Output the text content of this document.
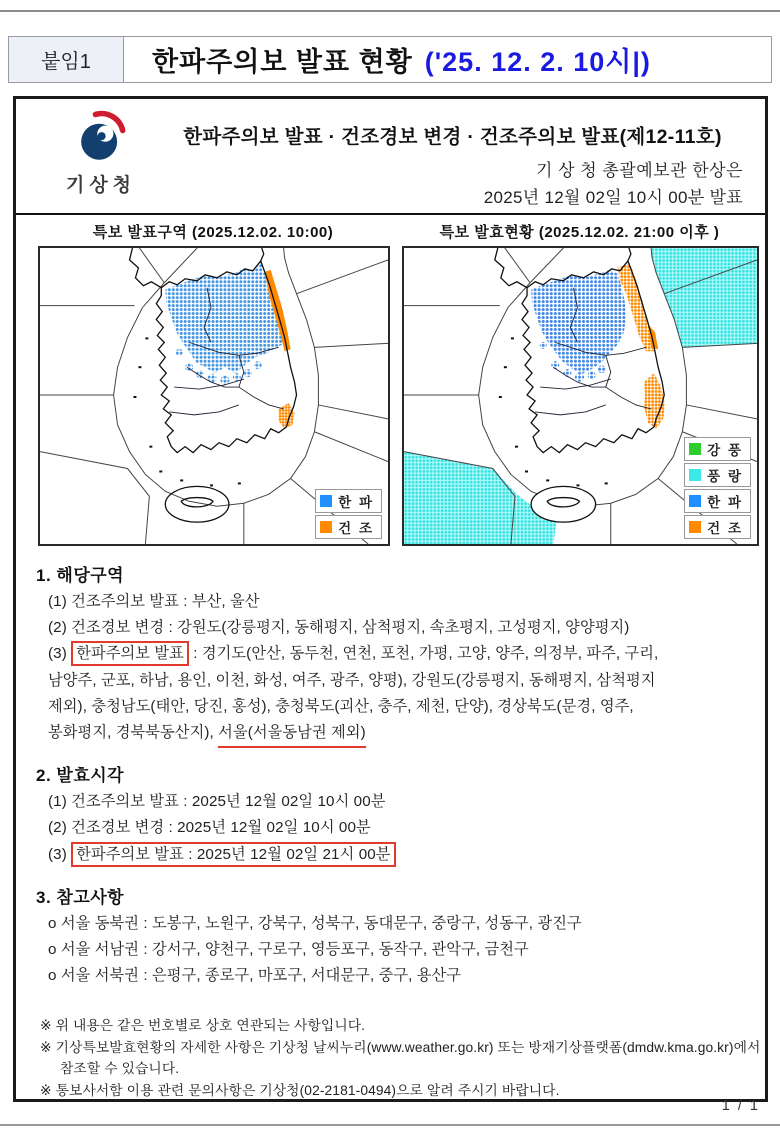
붙임1	한파주의보 발표 현황 ('25. 12. 2. 10시|)
기상청
한파주의보 발표 · 건조경보 변경 · 건조주의보 발표(제12-11호)
기 상 청 총괄예보관 한상은
2025년 12월 02일 10시 00분 발표
특보 발표구역 (2025.12.02. 10:00)
한 파
건 조
특보 발효현황 (2025.12.02. 21:00 이후 )
강 풍
풍 랑
한 파
건 조
1. 해당구역
(1) 건조주의보 발표 : 부산, 울산
(2) 건조경보 변경 : 강원도(강릉평지, 동해평지, 삼척평지, 속초평지, 고성평지, 양양평지)
(3) 한파주의보 발표 : 경기도(안산, 동두천, 연천, 포천, 가평, 고양, 양주, 의정부, 파주, 구리,
남양주, 군포, 하남, 용인, 이천, 화성, 여주, 광주, 양평), 강원도(강릉평지, 동해평지, 삼척평지
제외), 충청남도(태안, 당진, 홍성), 충청북도(괴산, 충주, 제천, 단양), 경상북도(문경, 영주,
봉화평지, 경북북동산지), 서울(서울동남권 제외)
2. 발효시각
(1) 건조주의보 발표 : 2025년 12월 02일 10시 00분
(2) 건조경보 변경 : 2025년 12월 02일 10시 00분
(3) 한파주의보 발표 : 2025년 12월 02일 21시 00분
3. 참고사항
o 서울 동북권 : 도봉구, 노원구, 강북구, 성북구, 동대문구, 중랑구, 성동구, 광진구
o 서울 서남권 : 강서구, 양천구, 구로구, 영등포구, 동작구, 관악구, 금천구
o 서울 서북권 : 은평구, 종로구, 마포구, 서대문구, 중구, 용산구
※ 위 내용은 같은 번호별로 상호 연관되는 사항입니다.
※ 기상특보발효현황의 자세한 사항은 기상청 날씨누리(www.weather.go.kr) 또는 방재기상플랫폼(dmdw.kma.go.kr)에서
참조할 수 있습니다.
※ 통보사서함 이용 관련 문의사항은 기상청(02-2181-0494)으로 알려 주시기 바랍니다.
1 / 1
